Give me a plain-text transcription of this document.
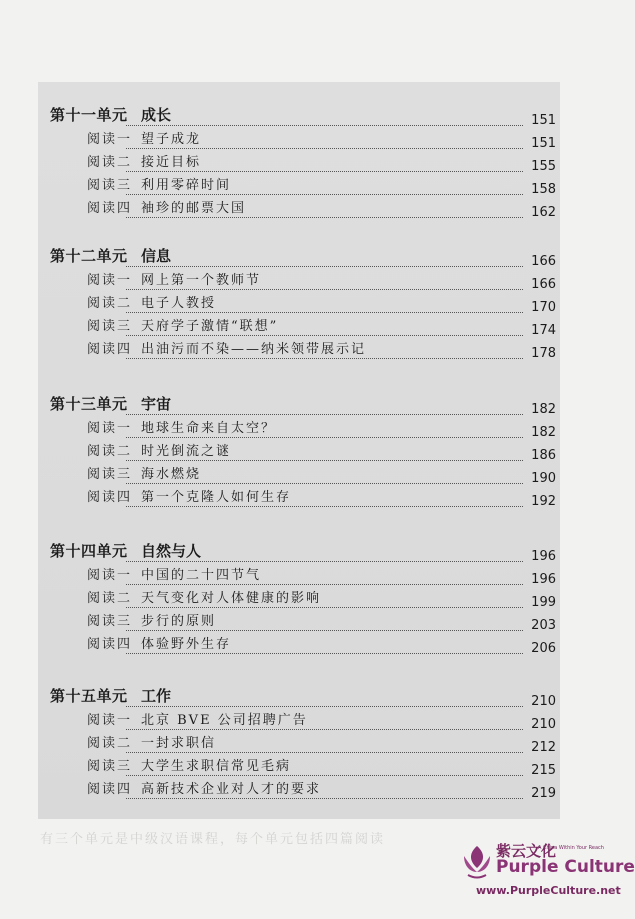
第十一单元 成长	151
阅读一 望子成龙	151
阅读二 接近目标	155
阅读三 利用零碎时间	158
阅读四 袖珍的邮票大国	162
第十二单元 信息	166
阅读一 网上第一个教师节	166
阅读二 电子人教授	170
阅读三 天府学子激情“联想”	174
阅读四 出油污而不染——纳米领带展示记	178
第十三单元 宇宙	182
阅读一 地球生命来自太空？	182
阅读二 时光倒流之谜	186
阅读三 海水燃烧	190
阅读四 第一个克隆人如何生存	192
第十四单元 自然与人	196
阅读一 中国的二十四节气	196
阅读二 天气变化对人体健康的影响	199
阅读三 步行的原则	203
阅读四 体验野外生存	206
第十五单元 工作	210
阅读一 北京 BVE 公司招聘广告	210
阅读二 一封求职信	212
阅读三 大学生求职信常见毛病	215
阅读四 高新技术企业对人才的要求	219
有三个单元是中级汉语课程，每个单元包括四篇阅读
紫云文化
A China Within Your Reach
Purple Culture
www.PurpleCulture.net
